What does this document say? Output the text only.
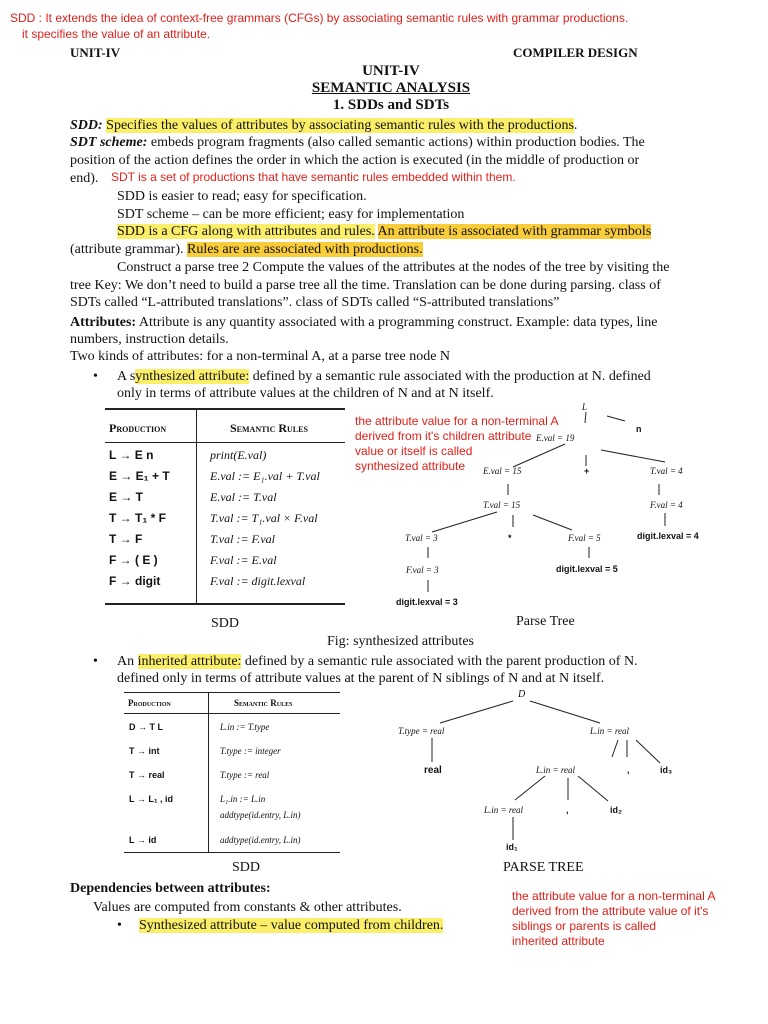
SDD : It extends the idea of context-free grammars (CFGs) by associating semantic rules with grammar productions.
it specifies the value of an attribute.
UNIT-IV	COMPILER DESIGN
UNIT-IV
SEMANTIC ANALYSIS
1. SDDs and SDTs
SDD: Specifies the values of attributes by associating semantic rules with the productions.
SDT scheme: embeds program fragments (also called semantic actions) within production bodies. The
position of the action defines the order in which the action is executed (in the middle of production or
end). SDT is a set of productions that have semantic rules embedded within them.
SDD is easier to read; easy for specification.
SDT scheme – can be more efficient; easy for implementation
SDD is a CFG along with attributes and rules. An attribute is associated with grammar symbols
(attribute grammar). Rules are are associated with productions.
Construct a parse tree 2 Compute the values of the attributes at the nodes of the tree by visiting the
tree Key: We don’t need to build a parse tree all the time. Translation can be done during parsing. class of
SDTs called “L-attributed translations”. class of SDTs called “S-attributed translations”
Attributes: Attribute is any quantity associated with a programming construct. Example: data types, line
numbers, instruction details.
Two kinds of attributes: for a non-terminal A, at a parse tree node N
• A synthesized attribute: defined by a semantic rule associated with the production at N. defined
only in terms of attribute values at the children of N and at N itself.
Production	Semantic Rules
L → E n	print(E.val)
E → E₁ + T	E.val := E₁.val + T.val
E → T	E.val := T.val
T → T₁ * F	T.val := T₁.val × F.val
T → F	T.val := F.val
F → ( E )	F.val := E.val
F → digit	F.val := digit.lexval
the attribute value for a non-terminal A
derived from it's children attribute
value or itself is called
synthesized attribute
L
n
E.val = 19
E.val = 15	+	T.val = 4
T.val = 15	F.val = 4
digit.lexval = 4
T.val = 3	*	F.val = 5
F.val = 3	digit.lexval = 5
digit.lexval = 3
SDD	Parse Tree
Fig: synthesized attributes
• An inherited attribute: defined by a semantic rule associated with the parent production of N.
defined only in terms of attribute values at the parent of N siblings of N and at N itself.
Production	Semantic Rules
D → T L	L.in := T.type
T → int	T.type := integer
T → real	T.type := real
L → L₁ , id	L₁.in := L.in
addtype(id.entry, L.in)
L → id	addtype(id.entry, L.in)
D
T.type = real	L.in = real
real	L.in = real	,	id₃
L.in = real	,	id₂
id₁
SDD	PARSE TREE
Dependencies between attributes:
Values are computed from constants & other attributes.
• Synthesized attribute – value computed from children.
the attribute value for a non-terminal A
derived from the attribute value of it's
siblings or parents is called
inherited attribute
